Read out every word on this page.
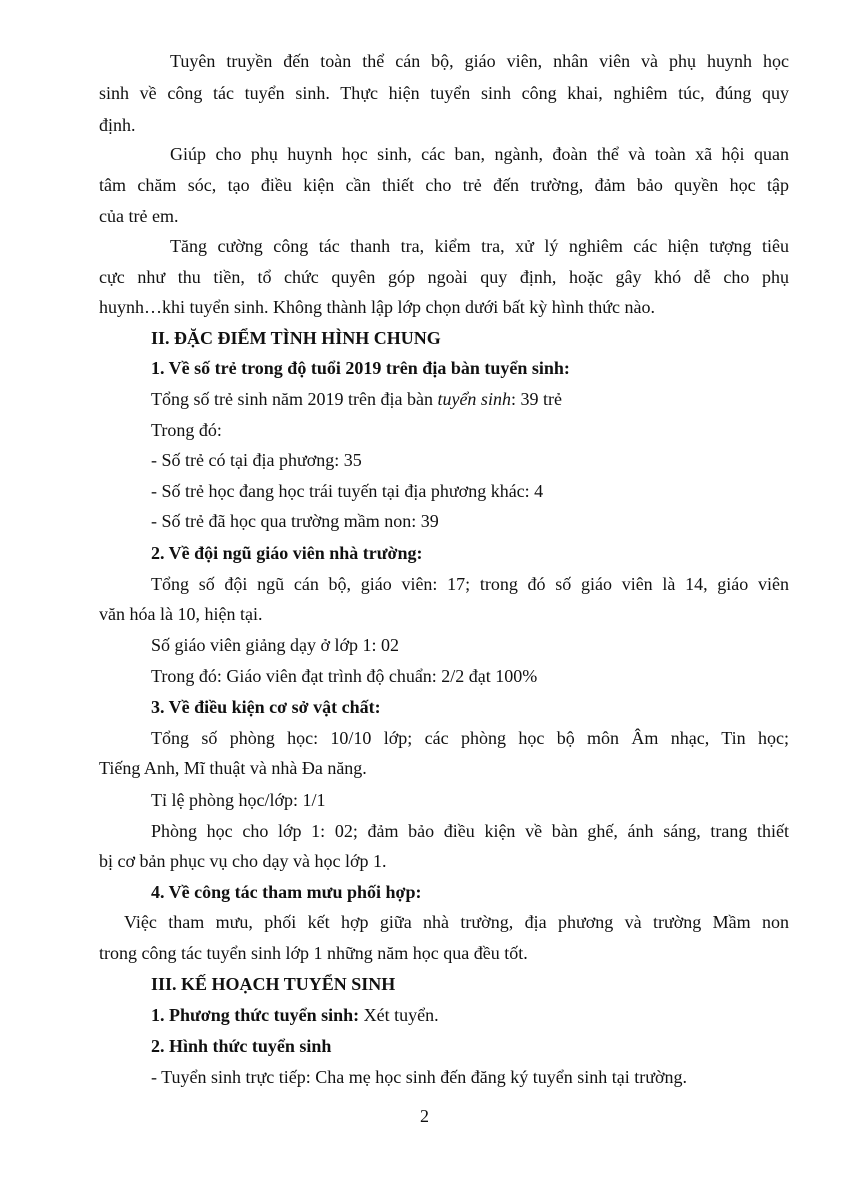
Tuyên truyền đến toàn thể cán bộ, giáo viên, nhân viên và phụ huynh học
sinh về công tác tuyển sinh. Thực hiện tuyển sinh công khai, nghiêm túc, đúng quy
định.
Giúp cho phụ huynh học sinh, các ban, ngành, đoàn thể và toàn xã hội quan
tâm chăm sóc, tạo điều kiện cần thiết cho trẻ đến trường, đảm bảo quyền học tập
của trẻ em.
Tăng cường công tác thanh tra, kiểm tra, xử lý nghiêm các hiện tượng tiêu
cực như thu tiền, tổ chức quyên góp ngoài quy định, hoặc gây khó dễ cho phụ
huynh…khi tuyển sinh. Không thành lập lớp chọn dưới bất kỳ hình thức nào.
II. ĐẶC ĐIỂM TÌNH HÌNH CHUNG
1. Về số trẻ trong độ tuổi 2019 trên địa bàn tuyển sinh:
Tổng số trẻ sinh năm 2019 trên địa bàn tuyển sinh: 39 trẻ
Trong đó:
- Số trẻ có tại địa phương: 35
- Số trẻ học đang học trái tuyến tại địa phương khác: 4
- Số trẻ đã học qua trường mầm non: 39
2. Về đội ngũ giáo viên nhà trường:
Tổng số đội ngũ cán bộ, giáo viên: 17; trong đó số giáo viên là 14, giáo viên
văn hóa là 10, hiện tại.
Số giáo viên giảng dạy ở lớp 1: 02
Trong đó: Giáo viên đạt trình độ chuẩn: 2/2 đạt 100%
3. Về điều kiện cơ sở vật chất:
Tổng số phòng học: 10/10 lớp; các phòng học bộ môn Âm nhạc, Tin học;
Tiếng Anh, Mĩ thuật và nhà Đa năng.
Tỉ lệ phòng học/lớp: 1/1
Phòng học cho lớp 1: 02; đảm bảo điều kiện về bàn ghế, ánh sáng, trang thiết
bị cơ bản phục vụ cho dạy và học lớp 1.
4. Về công tác tham mưu phối hợp:
Việc tham mưu, phối kết hợp giữa nhà trường, địa phương và trường Mầm non
trong công tác tuyển sinh lớp 1 những năm học qua đều tốt.
III. KẾ HOẠCH TUYỂN SINH
1. Phương thức tuyển sinh: Xét tuyển.
2. Hình thức tuyển sinh
- Tuyển sinh trực tiếp: Cha mẹ học sinh đến đăng ký tuyển sinh tại trường.
2
